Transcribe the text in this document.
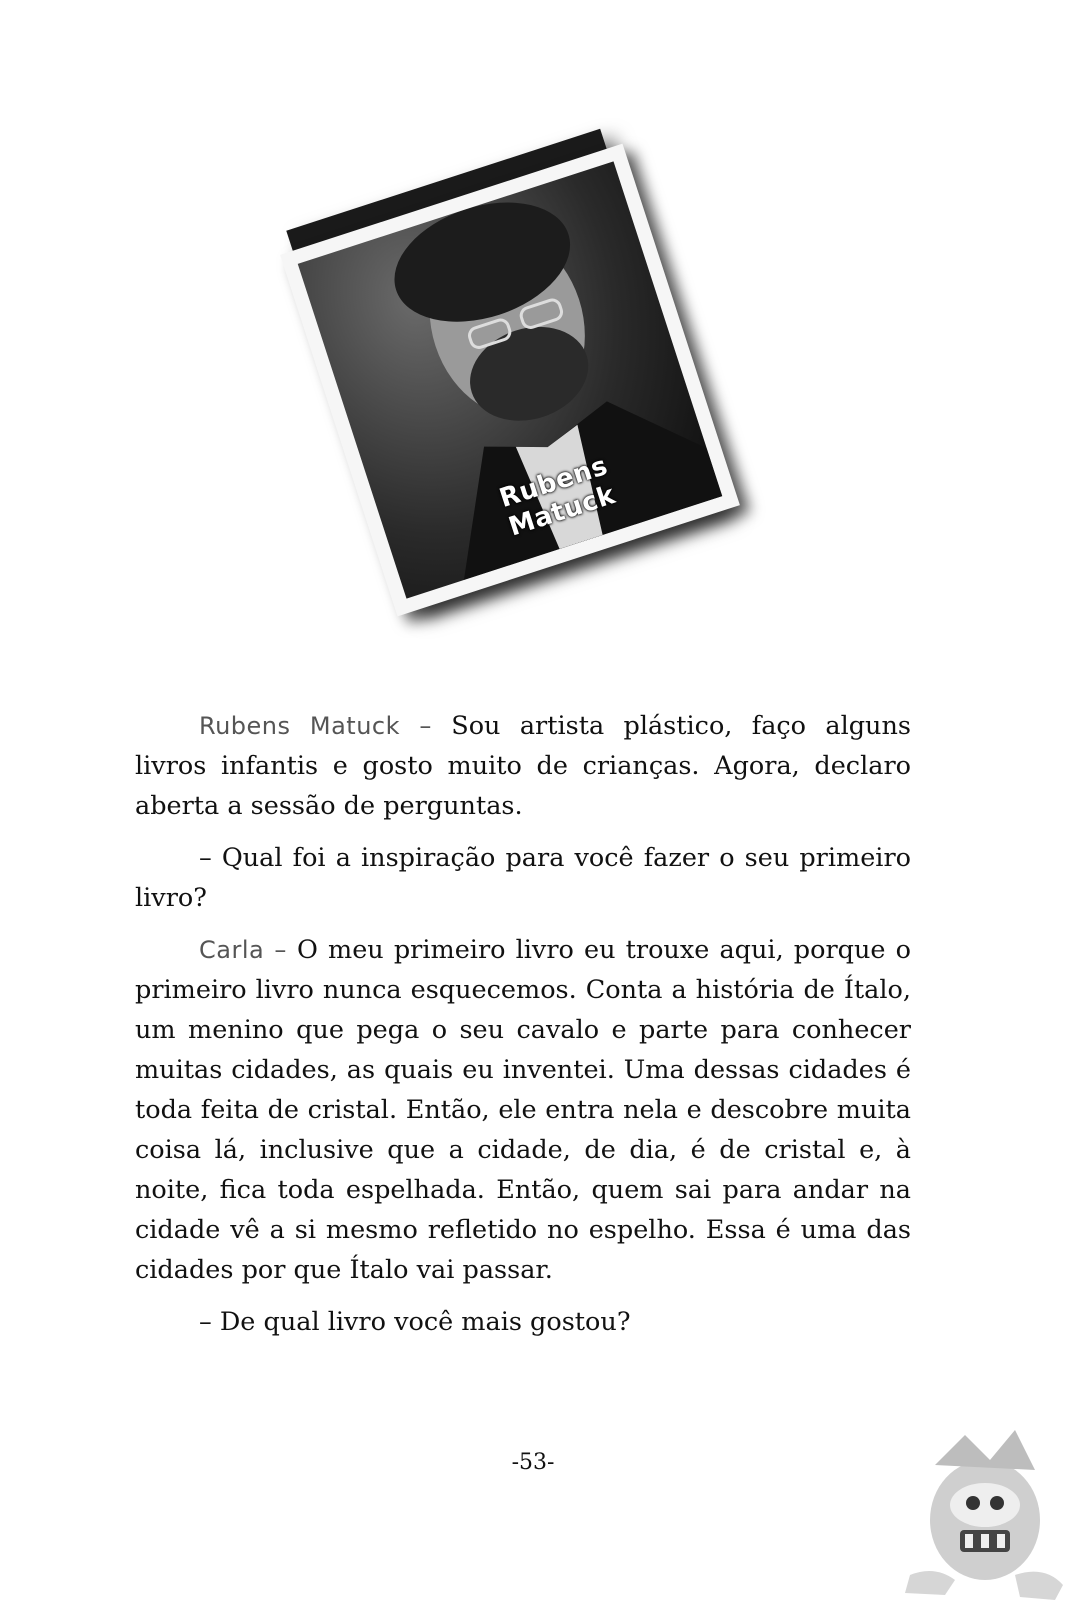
Rubens Matuck

Rubens Matuck – Sou artista plástico, faço alguns livros infantis e gosto muito de crianças. Agora, declaro aberta a sessão de perguntas.

– Qual foi a inspiração para você fazer o seu primeiro livro?

Carla – O meu primeiro livro eu trouxe aqui, porque o primeiro livro nunca esquecemos. Conta a história de Ítalo, um menino que pega o seu cavalo e parte para conhecer muitas cidades, as quais eu inventei. Uma dessas cidades é toda feita de cristal. Então, ele entra nela e descobre muita coisa lá, inclusive que a cidade, de dia, é de cristal e, à noite, fica toda espelhada. Então, quem sai para andar na cidade vê a si mesmo refletido no espelho. Essa é uma das cidades por que Ítalo vai passar.

– De qual livro você mais gostou?

-53-
